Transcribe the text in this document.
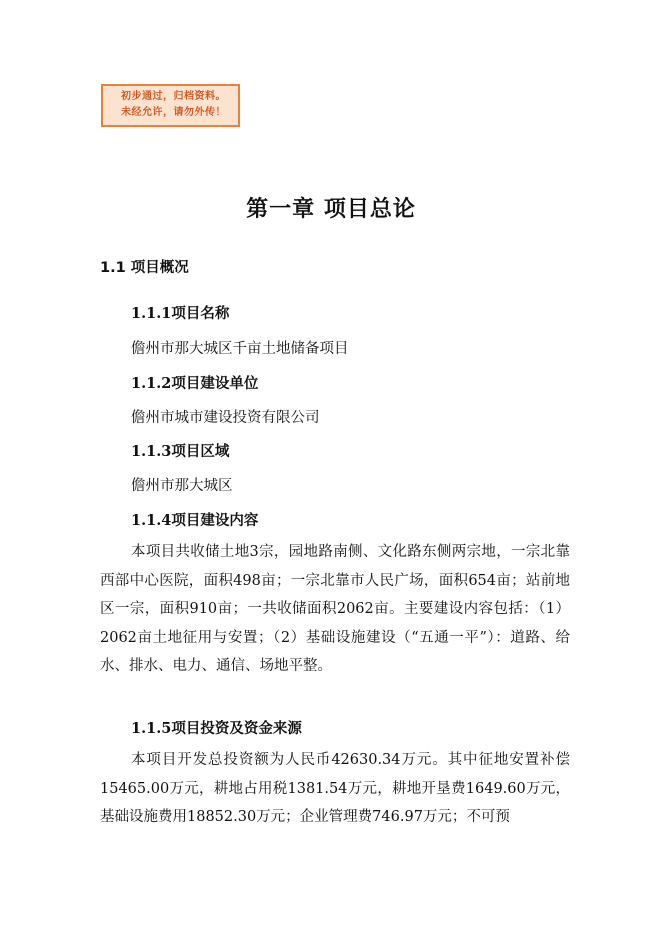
初步通过，归档资料。
未经允许，请勿外传！
第一章 项目总论
1.1 项目概况
1.1.1项目名称
儋州市那大城区千亩土地储备项目
1.1.2项目建设单位
儋州市城市建设投资有限公司
1.1.3项目区域
儋州市那大城区
1.1.4项目建设内容
本项目共收储土地3宗，园地路南侧、文化路东侧两宗地，一宗北靠西部中心医院，面积498亩；一宗北靠市人民广场，面积654亩；站前地区一宗，面积910亩；一共收储面积2062亩。主要建设内容包括：（1）2062亩土地征用与安置；（2）基础设施建设（“五通一平”）：道路、给水、排水、电力、通信、场地平整。
1.1.5项目投资及资金来源
本项目开发总投资额为人民币42630.34万元。其中征地安置补偿15465.00万元，耕地占用税1381.54万元，耕地开垦费1649.60万元，基础设施费用18852.30万元；企业管理费746.97万元；不可预
